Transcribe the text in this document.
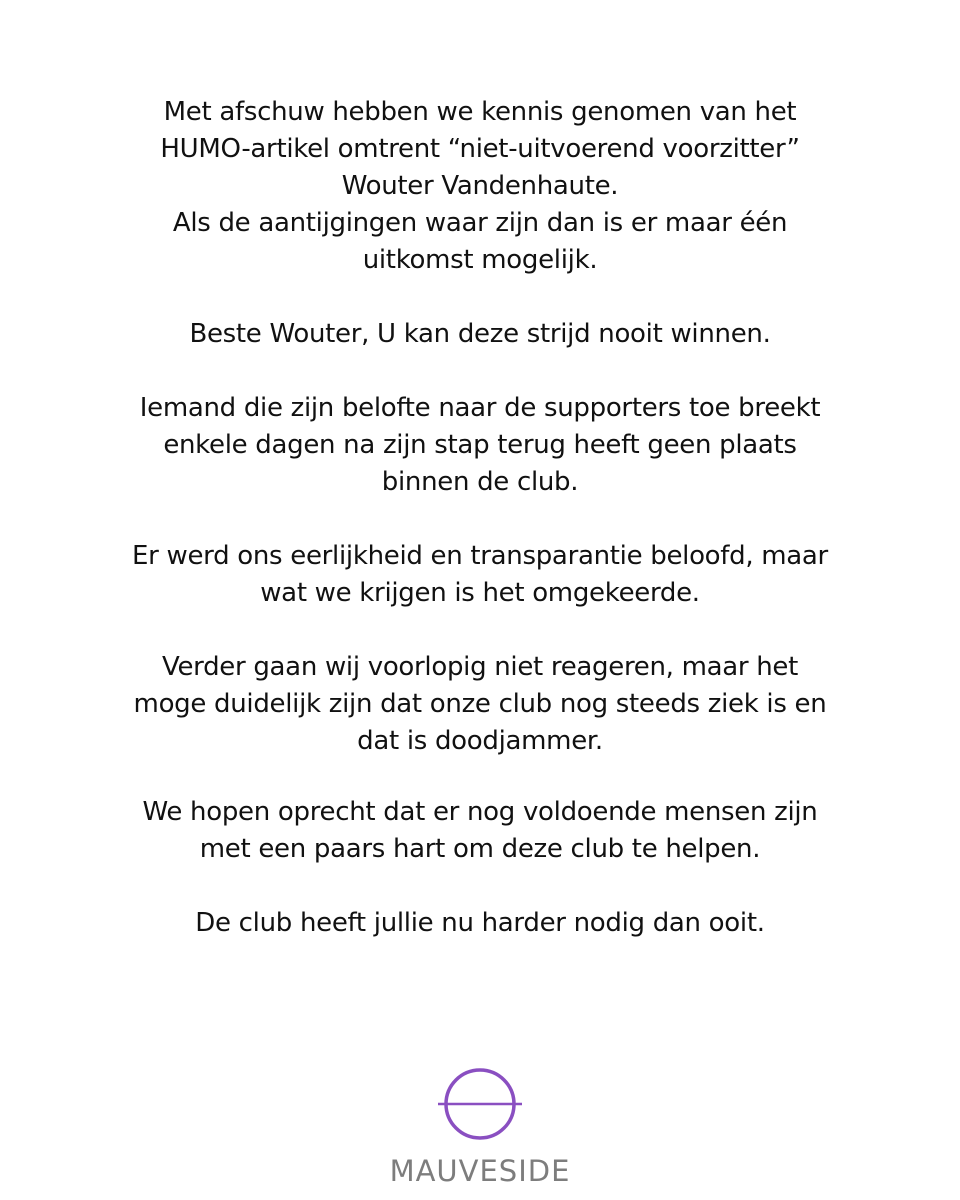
Met afschuw hebben we kennis genomen van het
HUMO-artikel omtrent “niet-uitvoerend voorzitter”
Wouter Vandenhaute.
Als de aantijgingen waar zijn dan is er maar één
uitkomst mogelijk.

Beste Wouter, U kan deze strijd nooit winnen.

Iemand die zijn belofte naar de supporters toe breekt
enkele dagen na zijn stap terug heeft geen plaats
binnen de club.

Er werd ons eerlijkheid en transparantie beloofd, maar
wat we krijgen is het omgekeerde.

Verder gaan wij voorlopig niet reageren, maar het
moge duidelijk zijn dat onze club nog steeds ziek is en
dat is doodjammer.

We hopen oprecht dat er nog voldoende mensen zijn
met een paars hart om deze club te helpen.

De club heeft jullie nu harder nodig dan ooit.

MAUVESIDE
